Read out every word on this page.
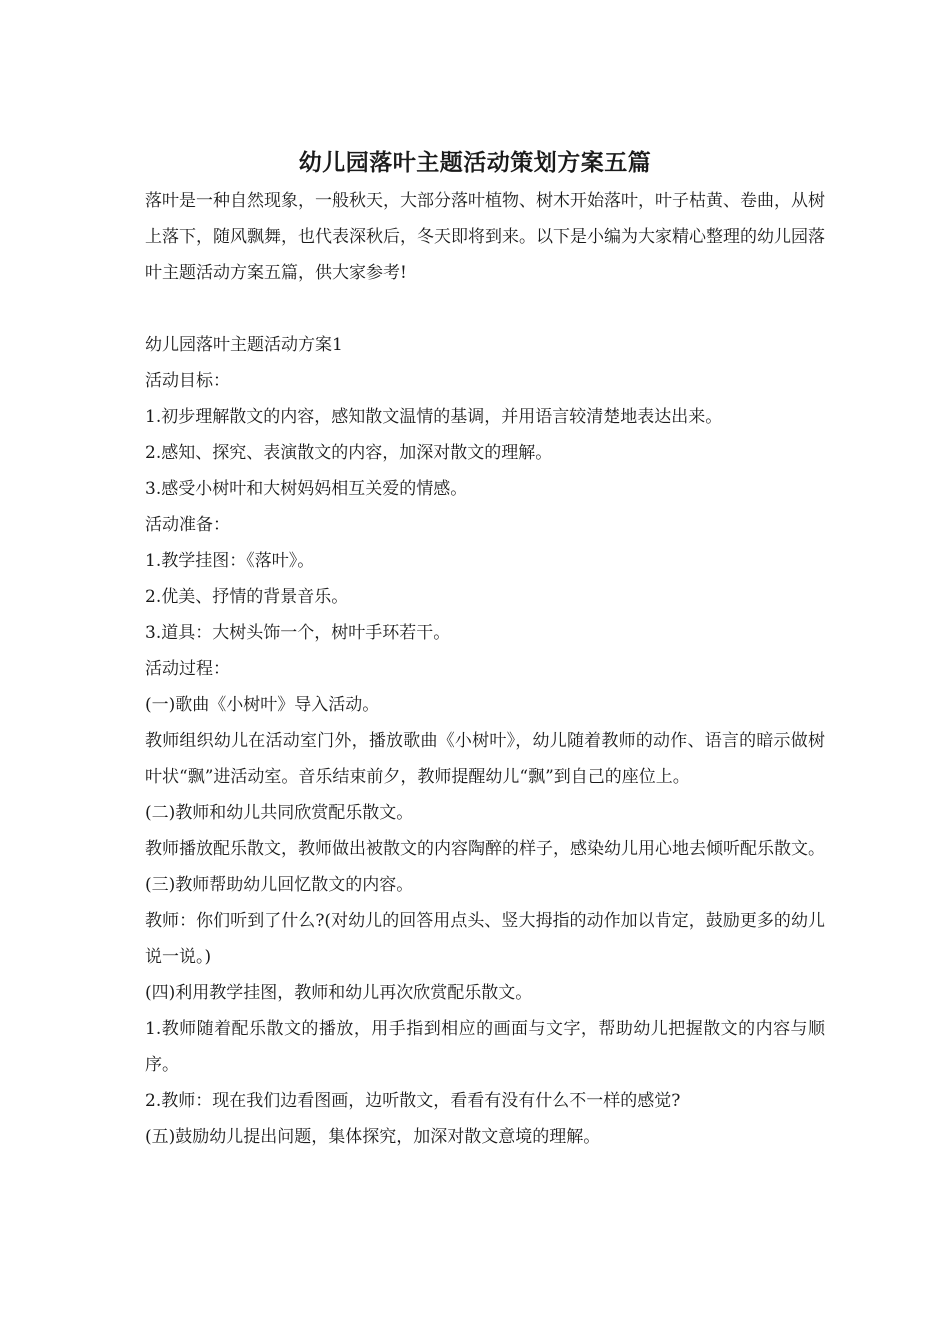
幼儿园落叶主题活动策划方案五篇

落叶是一种自然现象，一般秋天，大部分落叶植物、树木开始落叶，叶子枯黄、卷曲，从树上落下，随风飘舞，也代表深秋后，冬天即将到来。以下是小编为大家精心整理的幼儿园落叶主题活动方案五篇，供大家参考!

幼儿园落叶主题活动方案1

活动目标：

1.初步理解散文的内容，感知散文温情的基调，并用语言较清楚地表达出来。

2.感知、探究、表演散文的内容，加深对散文的理解。

3.感受小树叶和大树妈妈相互关爱的情感。

活动准备：

1.教学挂图：《落叶》。

2.优美、抒情的背景音乐。

3.道具：大树头饰一个，树叶手环若干。

活动过程：

(一)歌曲《小树叶》导入活动。

教师组织幼儿在活动室门外，播放歌曲《小树叶》，幼儿随着教师的动作、语言的暗示做树叶状“飘”进活动室。音乐结束前夕，教师提醒幼儿“飘”到自己的座位上。

(二)教师和幼儿共同欣赏配乐散文。

教师播放配乐散文，教师做出被散文的内容陶醉的样子，感染幼儿用心地去倾听配乐散文。

(三)教师帮助幼儿回忆散文的内容。

教师：你们听到了什么?(对幼儿的回答用点头、竖大拇指的动作加以肯定，鼓励更多的幼儿说一说。)

(四)利用教学挂图，教师和幼儿再次欣赏配乐散文。

1.教师随着配乐散文的播放，用手指到相应的画面与文字，帮助幼儿把握散文的内容与顺序。

2.教师：现在我们边看图画，边听散文，看看有没有什么不一样的感觉?

(五)鼓励幼儿提出问题，集体探究，加深对散文意境的理解。
